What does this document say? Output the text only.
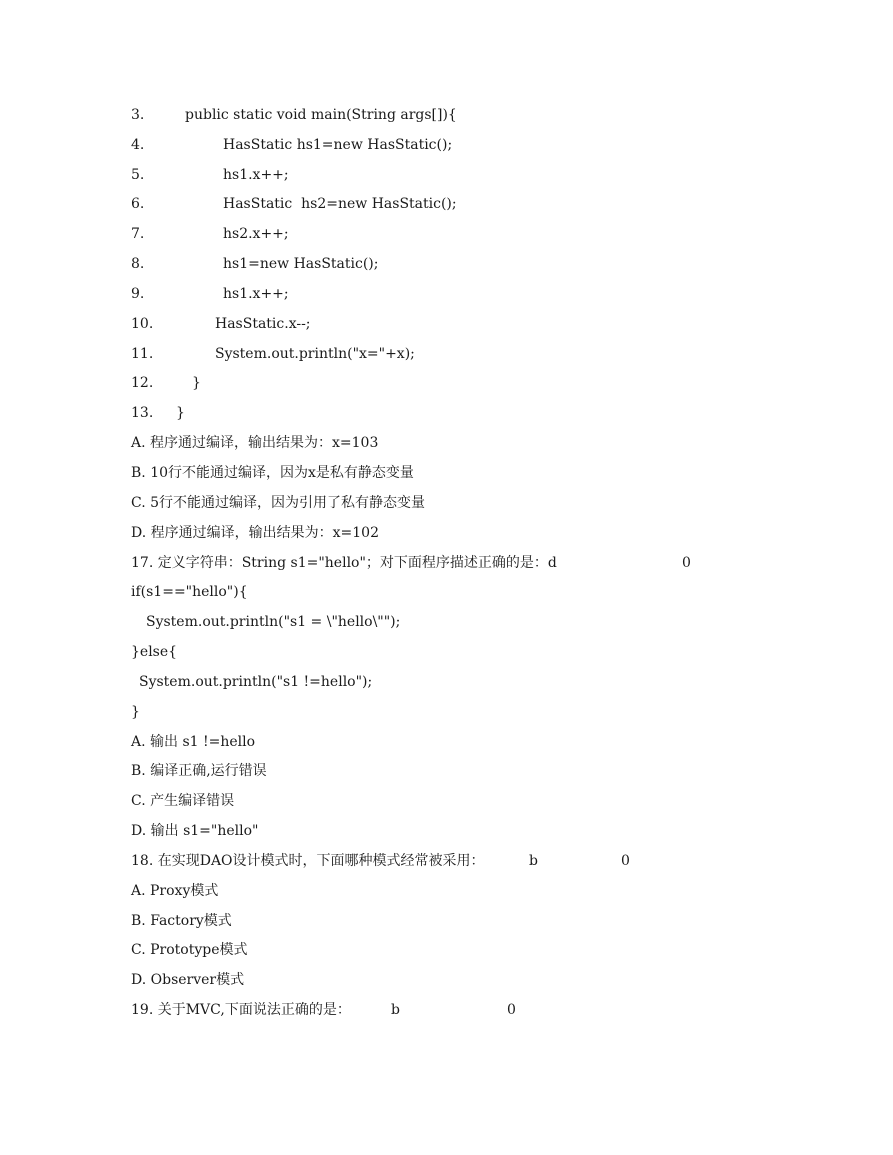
3.

	public static void main(String args[]){

4.

	HasStatic hs1=new HasStatic();

5.

	hs1.x++;

6.

	HasStatic  hs2=new HasStatic();

7.

	hs2.x++;

8.

	hs1=new HasStatic();

9.

	hs1.x++;

10.

	HasStatic.x--;

11.

	System.out.println("x="+x);

12.

	}

13.

}

A. 程序通过编译，输出结果为：x=103

B. 10行不能通过编译，因为x是私有静态变量

C. 5行不能通过编译，因为引用了私有静态变量

D. 程序通过编译，输出结果为：x=102

17. 定义字符串：String s1="hello"；对下面程序描述正确的是：d

	0

if(s1=="hello"){

System.out.println("s1 = \"hello\"");

}else{

System.out.println("s1 !=hello");

}

A. 输出 s1 !=hello

B. 编译正确,运行错误

C. 产生编译错误

D. 输出 s1="hello"

18. 在实现DAO设计模式时，下面哪种模式经常被采用：

	b

	0

A. Proxy模式

B. Factory模式

C. Prototype模式

D. Observer模式

19. 关于MVC,下面说法正确的是：

	b

	0
